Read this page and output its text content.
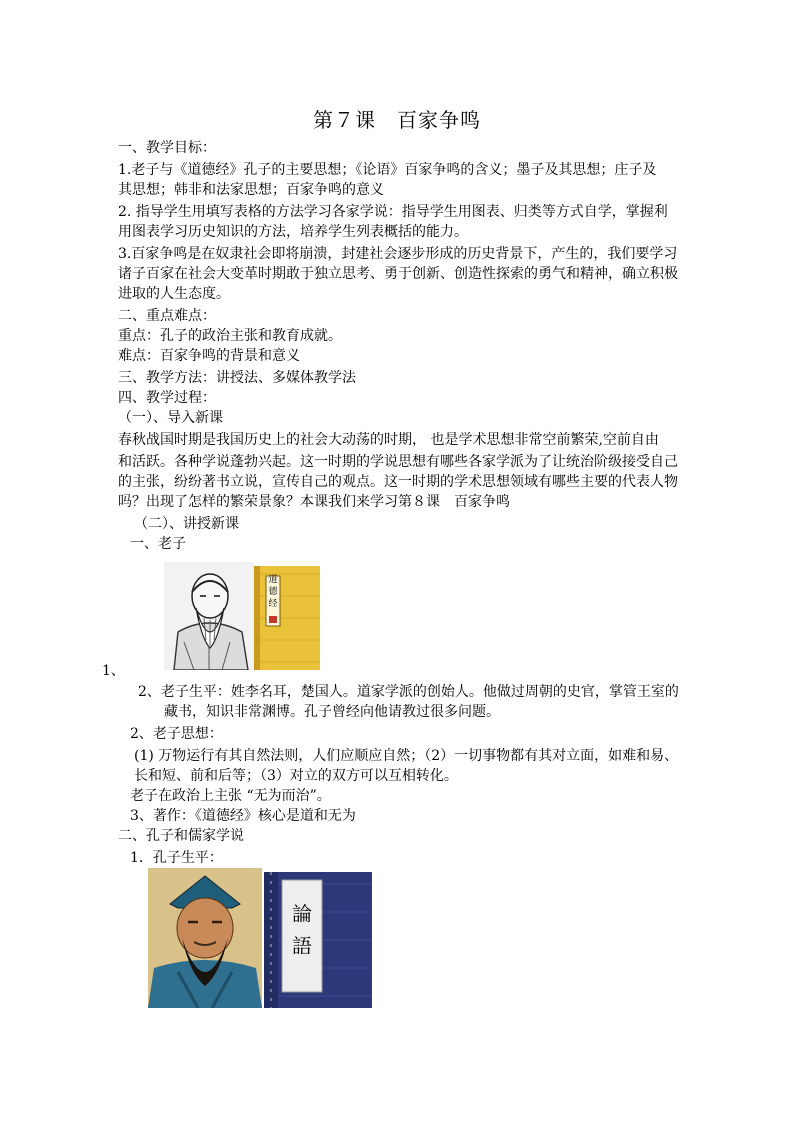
第７课　百家争鸣
一、教学目标：
1.老子与《道德经》孔子的主要思想；《论语》百家争鸣的含义；墨子及其思想；庄子及
其思想；韩非和法家思想；百家争鸣的意义
2. 指导学生用填写表格的方法学习各家学说：指导学生用图表、归类等方式自学，掌握利
用图表学习历史知识的方法，培养学生列表概括的能力。
3.百家争鸣是在奴隶社会即将崩溃，封建社会逐步形成的历史背景下，产生的，我们要学习
诸子百家在社会大变革时期敢于独立思考、勇于创新、创造性探索的勇气和精神，确立积极
进取的人生态度。
二、重点难点：
重点：孔子的政治主张和教育成就。
难点：百家争鸣的背景和意义
三、教学方法：讲授法、多媒体教学法
四、教学过程：
（一）、导入新课
春秋战国时期是我国历史上的社会大动荡的时期， 也是学术思想非常空前繁荣,空前自由
和活跃。各种学说蓬勃兴起。这一时期的学说思想有哪些各家学派为了让统治阶级接受自己
的主张，纷纷著书立说，宣传自己的观点。这一时期的学术思想领域有哪些主要的代表人物
吗？出现了怎样的繁荣景象？本课我们来学习第８课　百家争鸣
（二）、讲授新课
一、老子
道德经
1、
2、老子生平：姓李名耳，楚国人。道家学派的创始人。他做过周朝的史官，掌管王室的
藏书，知识非常渊博。孔子曾经向他请教过很多问题。
2、老子思想：
(1) 万物运行有其自然法则，人们应顺应自然；（2）一切事物都有其对立面，如难和易、
长和短、前和后等；（3）对立的双方可以互相转化。
老子在政治上主张 “无为而治”。
3、著作：《道德经》核心是道和无为
二、孔子和儒家学说
1．孔子生平：
論
語
